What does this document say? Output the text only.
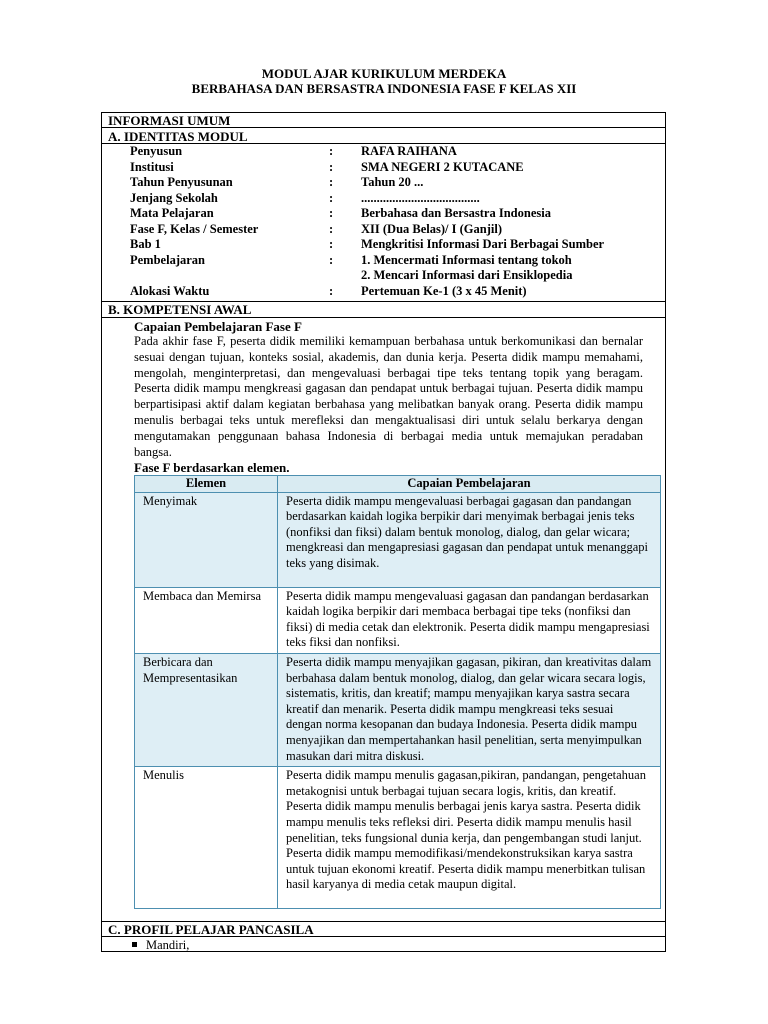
MODUL AJAR KURIKULUM MERDEKA
BERBAHASA DAN BERSASTRA INDONESIA FASE F KELAS XII
INFORMASI UMUM
A. IDENTITAS MODUL
Penyusun	: RAFA RAIHANA
Institusi	: SMA NEGERI 2 KUTACANE
Tahun Penyusunan	: Tahun 20 ...
Jenjang Sekolah	: ......................................
Mata Pelajaran	: Berbahasa dan Bersastra Indonesia
Fase F, Kelas / Semester	: XII (Dua Belas)/ I (Ganjil)
Bab 1	: Mengkritisi Informasi Dari Berbagai Sumber
Pembelajaran	: 1. Mencermati Informasi tentang tokoh
2. Mencari Informasi dari Ensiklopedia
Alokasi Waktu	: Pertemuan Ke-1 (3 x 45 Menit)
B. KOMPETENSI AWAL
Capaian Pembelajaran Fase F
Pada akhir fase F, peserta didik memiliki kemampuan berbahasa untuk berkomunikasi dan bernalar sesuai dengan tujuan, konteks sosial, akademis, dan dunia kerja. Peserta didik mampu memahami, mengolah, menginterpretasi, dan mengevaluasi berbagai tipe teks tentang topik yang beragam. Peserta didik mampu mengkreasi gagasan dan pendapat untuk berbagai tujuan. Peserta didik mampu berpartisipasi aktif dalam kegiatan berbahasa yang melibatkan banyak orang. Peserta didik mampu menulis berbagai teks untuk merefleksi dan mengaktualisasi diri untuk selalu berkarya dengan mengutamakan penggunaan bahasa Indonesia di berbagai media untuk memajukan peradaban bangsa.
Fase F berdasarkan elemen.
Elemen	Capaian Pembelajaran
Menyimak	Peserta didik mampu mengevaluasi berbagai gagasan dan pandangan berdasarkan kaidah logika berpikir dari menyimak berbagai jenis teks (nonfiksi dan fiksi) dalam bentuk monolog, dialog, dan gelar wicara; mengkreasi dan mengapresiasi gagasan dan pendapat untuk menanggapi teks yang disimak.
Membaca dan Memirsa	Peserta didik mampu mengevaluasi gagasan dan pandangan berdasarkan kaidah logika berpikir dari membaca berbagai tipe teks (nonfiksi dan fiksi) di media cetak dan elektronik. Peserta didik mampu mengapresiasi teks fiksi dan nonfiksi.
Berbicara dan Mempresentasikan	Peserta didik mampu menyajikan gagasan, pikiran, dan kreativitas dalam berbahasa dalam bentuk monolog, dialog, dan gelar wicara secara logis, sistematis, kritis, dan kreatif; mampu menyajikan karya sastra secara kreatif dan menarik. Peserta didik mampu mengkreasi teks sesuai dengan norma kesopanan dan budaya Indonesia. Peserta didik mampu menyajikan dan mempertahankan hasil penelitian, serta menyimpulkan masukan dari mitra diskusi.
Menulis	Peserta didik mampu menulis gagasan,pikiran, pandangan, pengetahuan metakognisi untuk berbagai tujuan secara logis, kritis, dan kreatif. Peserta didik mampu menulis berbagai jenis karya sastra. Peserta didik mampu menulis teks refleksi diri. Peserta didik mampu menulis hasil penelitian, teks fungsional dunia kerja, dan pengembangan studi lanjut. Peserta didik mampu memodifikasi/mendekonstruksikan karya sastra untuk tujuan ekonomi kreatif. Peserta didik mampu menerbitkan tulisan hasil karyanya di media cetak maupun digital.
C. PROFIL PELAJAR PANCASILA
Mandiri,
